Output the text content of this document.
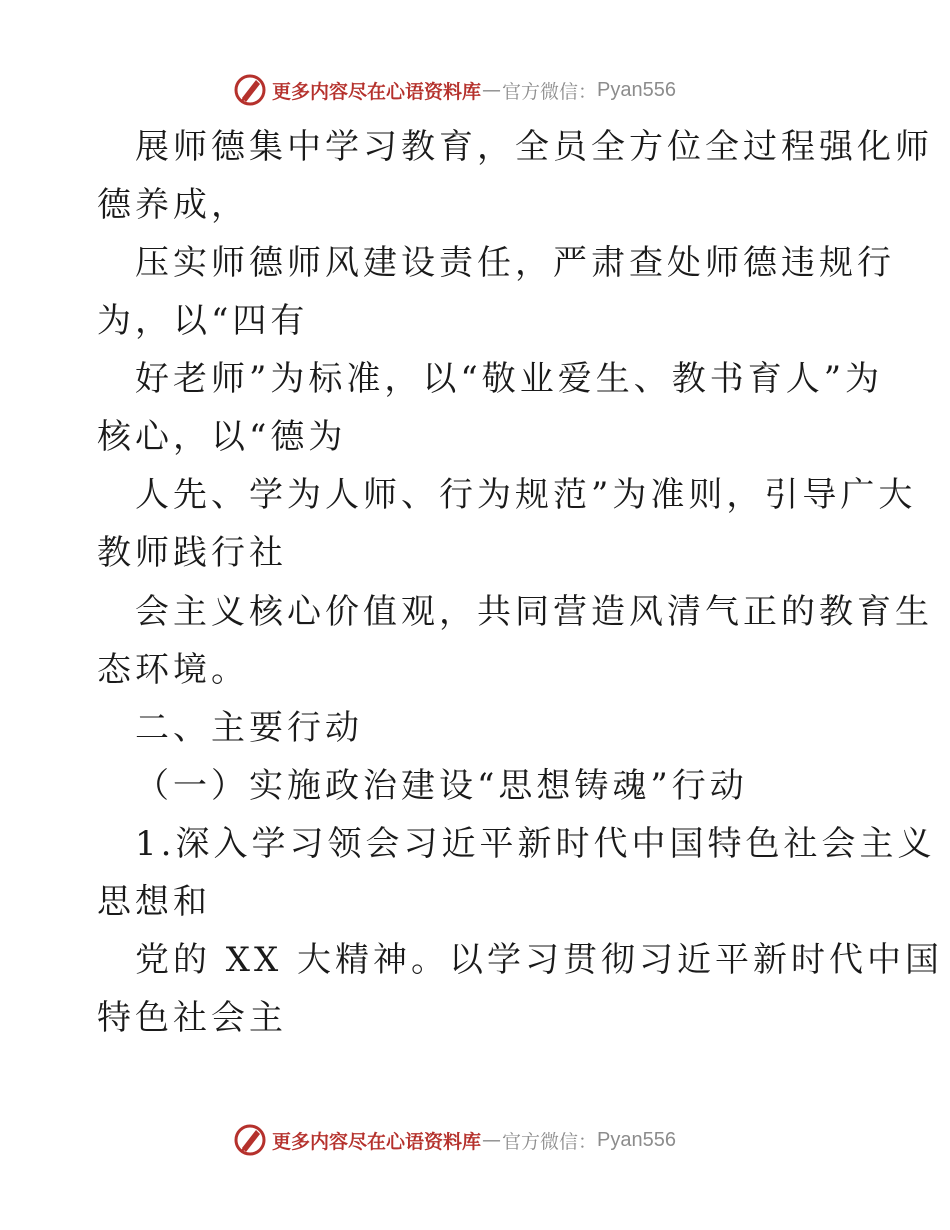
更多内容尽在心语资料库 — 官方微信： Pyan556
展师德集中学习教育，全员全方位全过程强化师
德养成，
压实师德师风建设责任，严肃查处师德违规行
为，以“四有
好老师”为标准，以“敬业爱生、教书育人”为
核心，以“德为
人先、学为人师、行为规范”为准则，引导广大
教师践行社
会主义核心价值观，共同营造风清气正的教育生
态环境。
二、主要行动
（一）实施政治建设“思想铸魂”行动
1.深入学习领会习近平新时代中国特色社会主义
思想和
党的 XX 大精神。以学习贯彻习近平新时代中国
特色社会主
更多内容尽在心语资料库 — 官方微信： Pyan556
